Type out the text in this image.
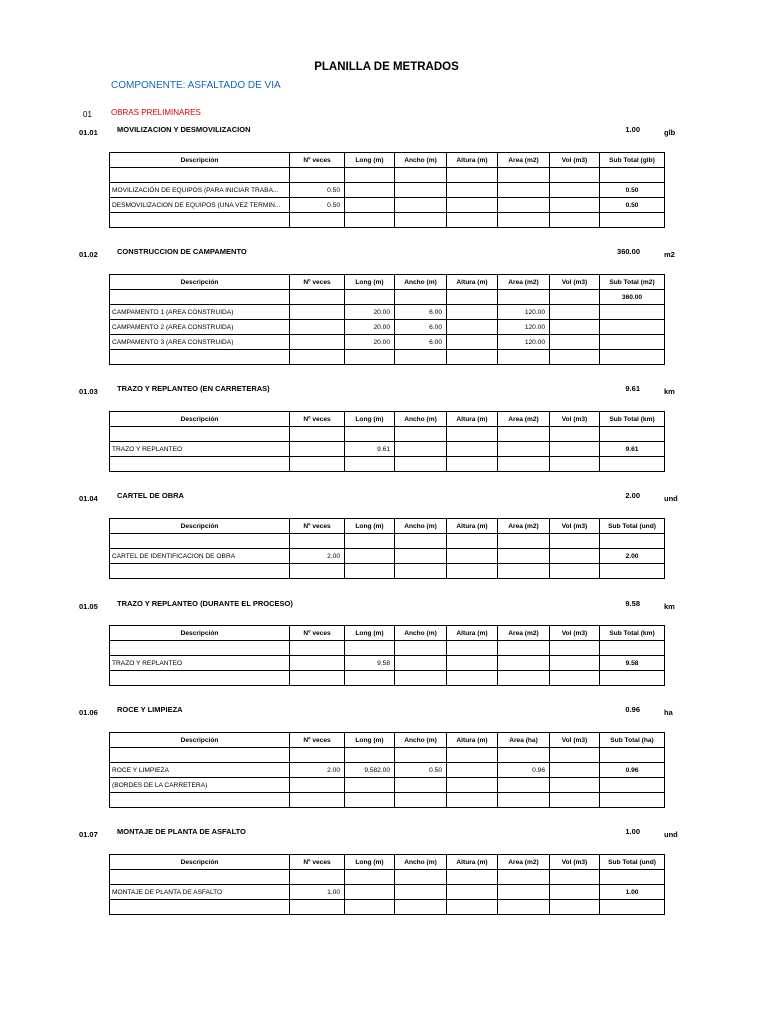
PLANILLA DE METRADOS
COMPONENTE: ASFALTADO DE VIA
01 OBRAS PRELIMINARES
01.01	MOVILIZACION Y DESMOVILIZACION	1.00	glb
Descripción	Nº veces	Long (m)	Ancho (m)	Altura (m)	Area (m2)	Vol (m3)	Sub Total (glb)

MOVILIZACIÓN DE EQUIPOS (PARA INICIAR TRABA...	0.50						0.50
DESMOVILIZACION DE EQUIPOS (UNA VEZ TERMIN...	0.50						0.50

01.02	CONSTRUCCION DE CAMPAMENTO	360.00	m2
Descripción	Nº veces	Long (m)	Ancho (m)	Altura (m)	Area (m2)	Vol (m3)	Sub Total (m2)
							360.00
CAMPAMENTO 1 (AREA CONSTRUIDA)		20.00	6.00		120.00		
CAMPAMENTO 2 (AREA CONSTRUIDA)		20.00	6.00		120.00		
CAMPAMENTO 3 (AREA CONSTRUIDA)		20.00	6.00		120.00		

01.03	TRAZO Y REPLANTEO (EN CARRETERAS)	9.61	km
Descripción	Nº veces	Long (m)	Ancho (m)	Altura (m)	Area (m2)	Vol (m3)	Sub Total (km)

TRAZO Y REPLANTEO		9.61					9.61

01.04	CARTEL DE OBRA	2.00	und
Descripción	Nº veces	Long (m)	Ancho (m)	Altura (m)	Area (m2)	Vol (m3)	Sub Total (und)

CARTEL DE IDENTIFICACION DE OBRA	2.00						2.00

01.05	TRAZO Y REPLANTEO (DURANTE EL PROCESO)	9.58	km
Descripción	Nº veces	Long (m)	Ancho (m)	Altura (m)	Area (m2)	Vol (m3)	Sub Total (km)

TRAZO Y REPLANTEO		9.58					9.58

01.06	ROCE Y LIMPIEZA	0.96	ha
Descripción	Nº veces	Long (m)	Ancho (m)	Altura (m)	Area (ha)	Vol (m3)	Sub Total (ha)

ROCE Y LIMPIEZA	2.00	9,582.00	0.50		0.96		0.96
(BORDES DE LA CARRETERA)							

01.07	MONTAJE DE PLANTA DE ASFALTO	1.00	und
Descripción	Nº veces	Long (m)	Ancho (m)	Altura (m)	Area (m2)	Vol (m3)	Sub Total (und)

MONTAJE DE PLANTA DE ASFALTO	1.00						1.00
